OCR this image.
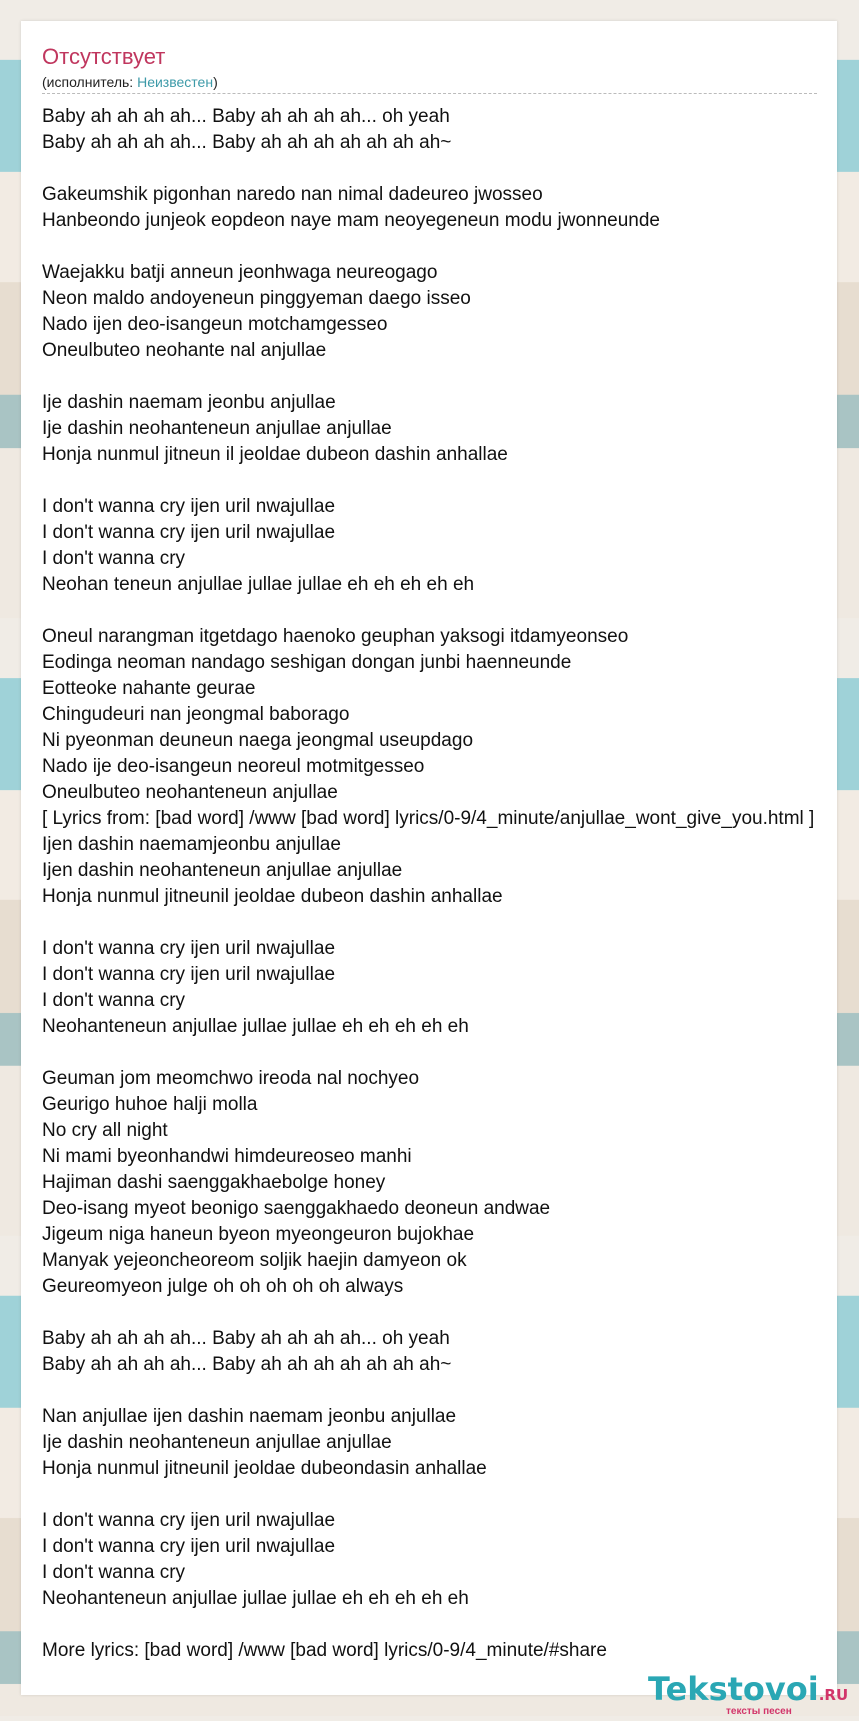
Отсутствует
(исполнитель: Неизвестен)
Baby ah ah ah ah... Baby ah ah ah ah... oh yeah
Baby ah ah ah ah... Baby ah ah ah ah ah ah ah~
Gakeumshik pigonhan naredo nan nimal dadeureo jwosseo
Hanbeondo junjeok eopdeon naye mam neoyegeneun modu jwonneunde
Waejakku batji anneun jeonhwaga neureogago
Neon maldo andoyeneun pinggyeman daego isseo
Nado ijen deo-isangeun motchamgesseo
Oneulbuteo neohante nal anjullae
Ije dashin naemam jeonbu anjullae
Ije dashin neohanteneun anjullae anjullae
Honja nunmul jitneun il jeoldae dubeon dashin anhallae
I don't wanna cry ijen uril nwajullae
I don't wanna cry ijen uril nwajullae
I don't wanna cry
Neohan teneun anjullae jullae jullae eh eh eh eh eh
Oneul narangman itgetdago haenoko geuphan yaksogi itdamyeonseo
Eodinga neoman nandago seshigan dongan junbi haenneunde
Eotteoke nahante geurae
Chingudeuri nan jeongmal baborago
Ni pyeonman deuneun naega jeongmal useupdago
Nado ije deo-isangeun neoreul motmitgesseo
Oneulbuteo neohanteneun anjullae
[ Lyrics from: [bad word] /www [bad word] lyrics/0-9/4_minute/anjullae_wont_give_you.html ]
Ijen dashin naemamjeonbu anjullae
Ijen dashin neohanteneun anjullae anjullae
Honja nunmul jitneunil jeoldae dubeon dashin anhallae
I don't wanna cry ijen uril nwajullae
I don't wanna cry ijen uril nwajullae
I don't wanna cry
Neohanteneun anjullae jullae jullae eh eh eh eh eh
Geuman jom meomchwo ireoda nal nochyeo
Geurigo huhoe halji molla
No cry all night
Ni mami byeonhandwi himdeureoseo manhi
Hajiman dashi saenggakhaebolge honey
Deo-isang myeot beonigo saenggakhaedo deoneun andwae
Jigeum niga haneun byeon myeongeuron bujokhae
Manyak yejeoncheoreom soljik haejin damyeon ok
Geureomyeon julge oh oh oh oh oh always
Baby ah ah ah ah... Baby ah ah ah ah... oh yeah
Baby ah ah ah ah... Baby ah ah ah ah ah ah ah~
Nan anjullae ijen dashin naemam jeonbu anjullae
Ije dashin neohanteneun anjullae anjullae
Honja nunmul jitneunil jeoldae dubeondasin anhallae
I don't wanna cry ijen uril nwajullae
I don't wanna cry ijen uril nwajullae
I don't wanna cry
Neohanteneun anjullae jullae jullae eh eh eh eh eh
More lyrics: [bad word] /www [bad word] lyrics/0-9/4_minute/#share
Tekstovoi.RU
тексты песен
